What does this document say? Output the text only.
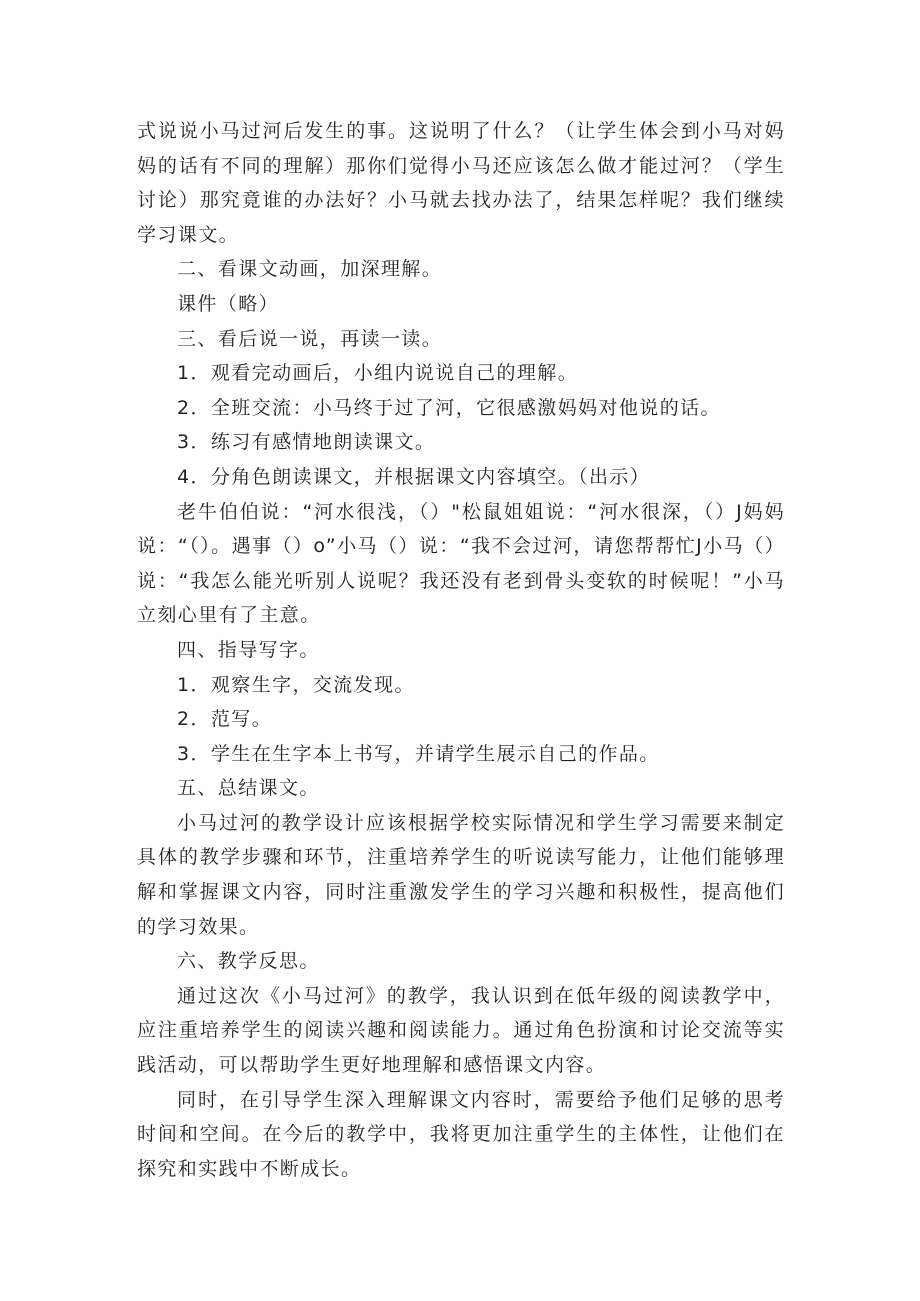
式说说小马过河后发生的事。这说明了什么？（让学生体会到小马对妈妈的话有不同的理解）那你们觉得小马还应该怎么做才能过河？（学生讨论）那究竟谁的办法好？小马就去找办法了，结果怎样呢？我们继续学习课文。

二、看课文动画，加深理解。

课件（略）

三、看后说一说，再读一读。

1．观看完动画后，小组内说说自己的理解。

2．全班交流：小马终于过了河，它很感激妈妈对他说的话。

3．练习有感情地朗读课文。

4．分角色朗读课文，并根据课文内容填空。（出示）

老牛伯伯说：“河水很浅，（）"松鼠姐姐说：“河水很深，（）J妈妈说：“（）。遇事（）o”小马（）说：“我不会过河，请您帮帮忙J小马（）说：“我怎么能光听别人说呢？我还没有老到骨头变软的时候呢！”小马立刻心里有了主意。

四、指导写字。

1．观察生字，交流发现。

2．范写。

3．学生在生字本上书写，并请学生展示自己的作品。

五、总结课文。

小马过河的教学设计应该根据学校实际情况和学生学习需要来制定具体的教学步骤和环节，注重培养学生的听说读写能力，让他们能够理解和掌握课文内容，同时注重激发学生的学习兴趣和积极性，提高他们的学习效果。

六、教学反思。

通过这次《小马过河》的教学，我认识到在低年级的阅读教学中，应注重培养学生的阅读兴趣和阅读能力。通过角色扮演和讨论交流等实践活动，可以帮助学生更好地理解和感悟课文内容。

同时，在引导学生深入理解课文内容时，需要给予他们足够的思考时间和空间。在今后的教学中，我将更加注重学生的主体性，让他们在探究和实践中不断成长。
